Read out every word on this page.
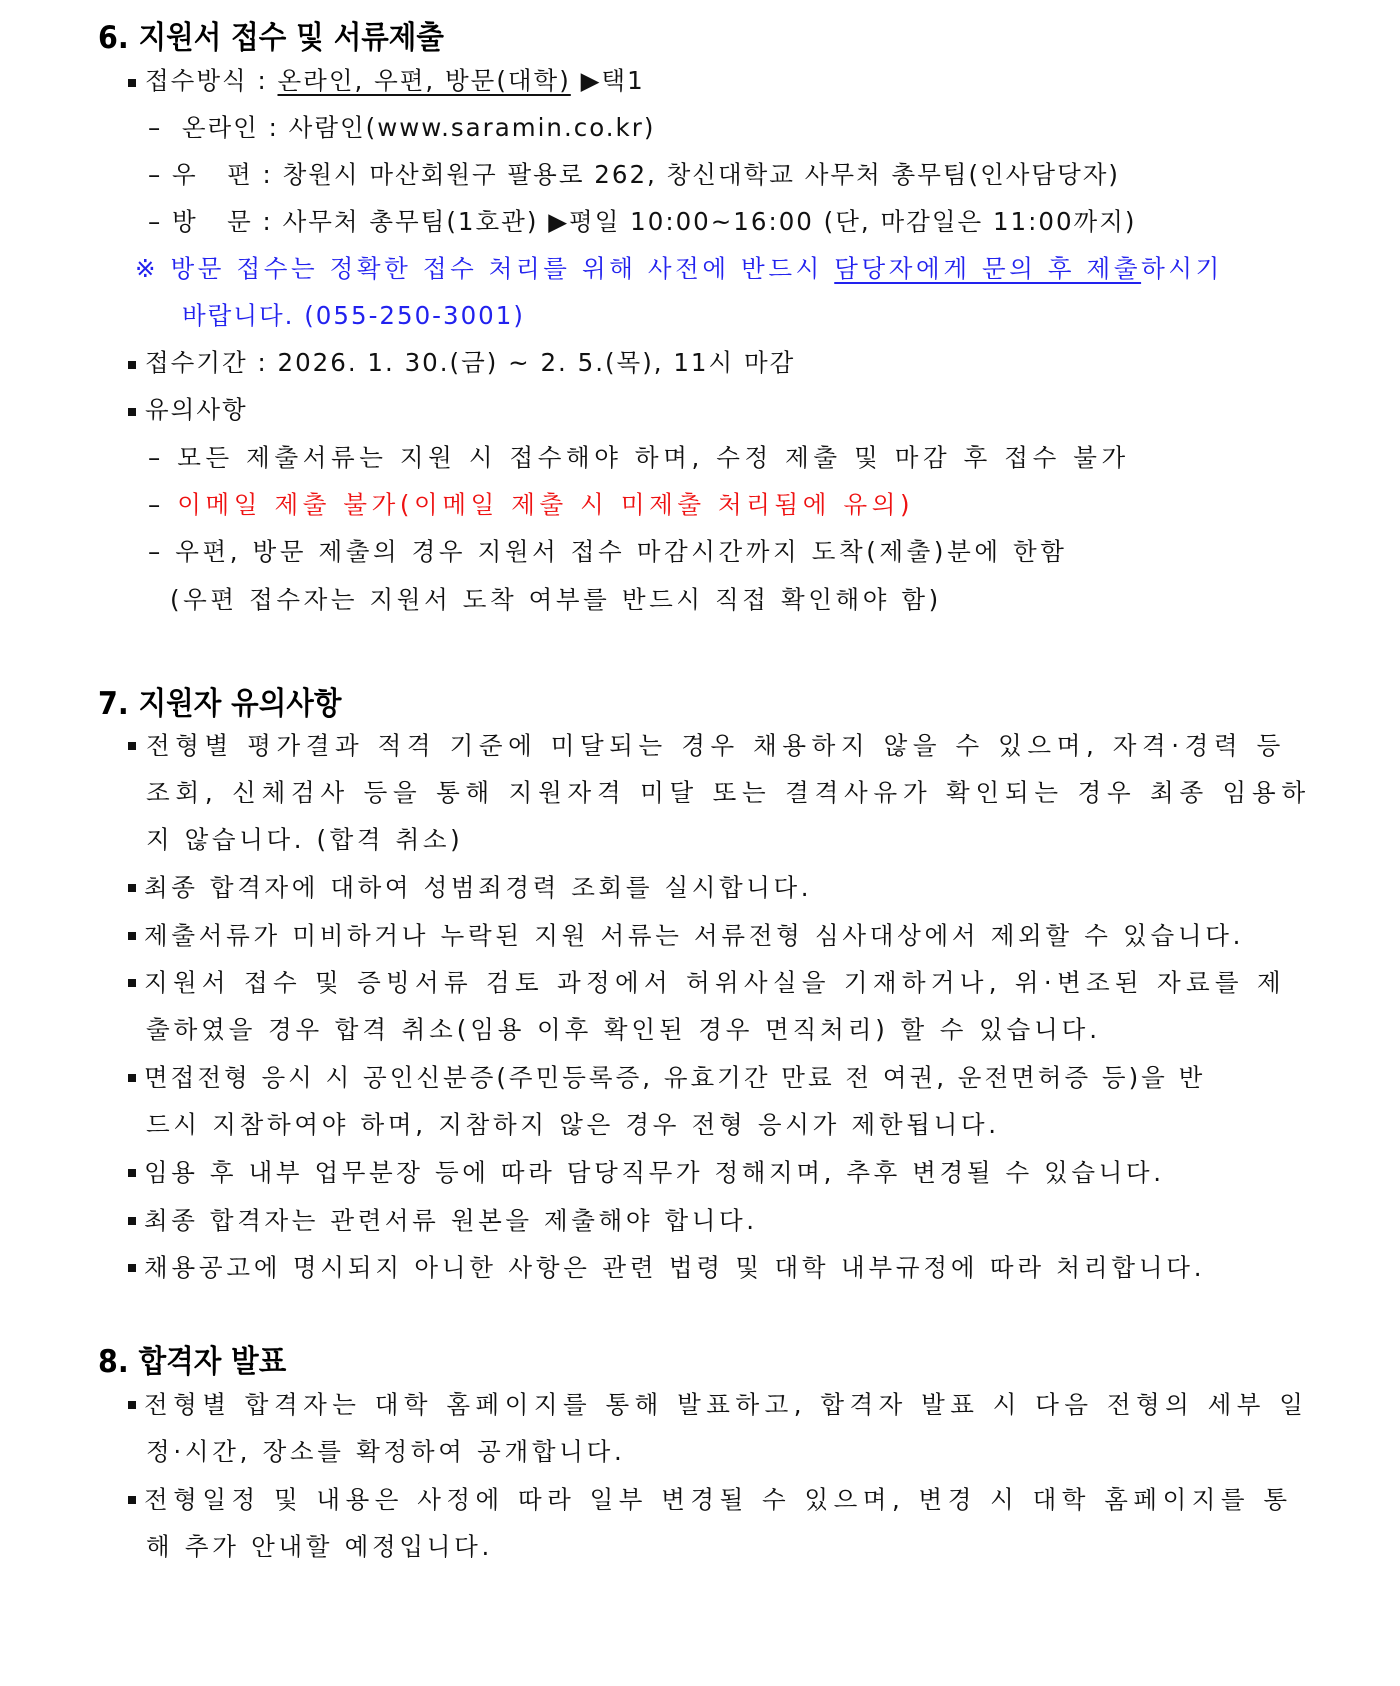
6. 지원서 접수 및 서류제출
접수방식 : 온라인, 우편, 방문(대학) ▶택1
– 온라인 : 사람인(www.saramin.co.kr)
– 우   편 : 창원시 마산회원구 팔용로 262, 창신대학교 사무처 총무팀(인사담당자)
– 방   문 : 사무처 총무팀(1호관) ▶평일 10:00~16:00 (단, 마감일은 11:00까지)
※ 방문 접수는 정확한 접수 처리를 위해 사전에 반드시 담당자에게 문의 후 제출하시기
바랍니다. (055-250-3001)
접수기간 : 2026. 1. 30.(금) ~ 2. 5.(목), 11시 마감
유의사항
– 모든 제출서류는 지원 시 접수해야 하며, 수정 제출 및 마감 후 접수 불가
– 이메일 제출 불가(이메일 제출 시 미제출 처리됨에 유의)
– 우편, 방문 제출의 경우 지원서 접수 마감시간까지 도착(제출)분에 한함
(우편 접수자는 지원서 도착 여부를 반드시 직접 확인해야 함)
7. 지원자 유의사항
전형별 평가결과 적격 기준에 미달되는 경우 채용하지 않을 수 있으며, 자격·경력 등
조회, 신체검사 등을 통해 지원자격 미달 또는 결격사유가 확인되는 경우 최종 임용하
지 않습니다. (합격 취소)
최종 합격자에 대하여 성범죄경력 조회를 실시합니다.
제출서류가 미비하거나 누락된 지원 서류는 서류전형 심사대상에서 제외할 수 있습니다.
지원서 접수 및 증빙서류 검토 과정에서 허위사실을 기재하거나, 위·변조된 자료를 제
출하였을 경우 합격 취소(임용 이후 확인된 경우 면직처리) 할 수 있습니다.
면접전형 응시 시 공인신분증(주민등록증, 유효기간 만료 전 여권, 운전면허증 등)을 반
드시 지참하여야 하며, 지참하지 않은 경우 전형 응시가 제한됩니다.
임용 후 내부 업무분장 등에 따라 담당직무가 정해지며, 추후 변경될 수 있습니다.
최종 합격자는 관련서류 원본을 제출해야 합니다.
채용공고에 명시되지 아니한 사항은 관련 법령 및 대학 내부규정에 따라 처리합니다.
8. 합격자 발표
전형별 합격자는 대학 홈페이지를 통해 발표하고, 합격자 발표 시 다음 전형의 세부 일
정·시간, 장소를 확정하여 공개합니다.
전형일정 및 내용은 사정에 따라 일부 변경될 수 있으며, 변경 시 대학 홈페이지를 통
해 추가 안내할 예정입니다.
